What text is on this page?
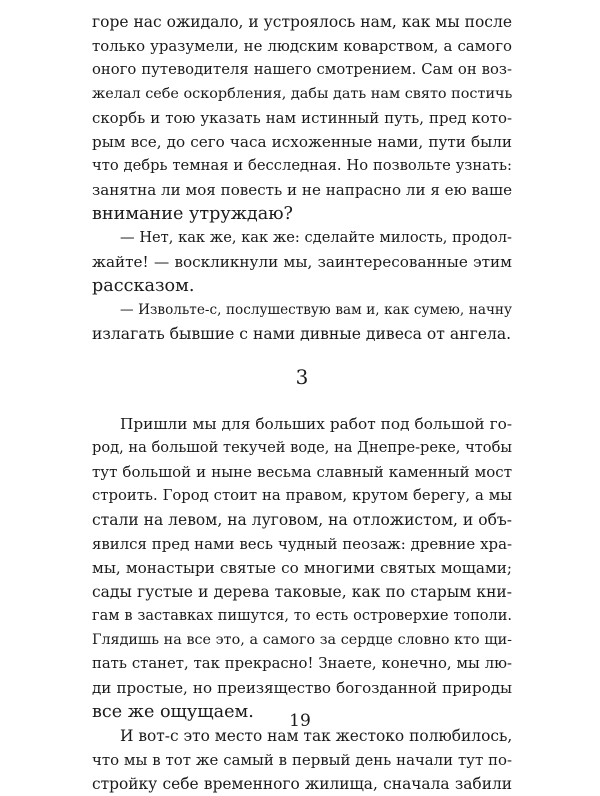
горе нас ожидало, и устроялось нам, как мы после
только уразумели, не людским коварством, а самого
оного путеводителя нашего смотрением. Сам он воз-
желал себе оскорбления, дабы дать нам свято постичь
скорбь и тою указать нам истинный путь, пред кото-
рым все, до сего часа исхоженные нами, пути были
что дебрь темная и бесследная. Но позвольте узнать:
занятна ли моя повесть и не напрасно ли я ею ваше
внимание утруждаю?
— Нет, как же, как же: сделайте милость, продол-
жайте! — воскликнули мы, заинтересованные этим
рассказом.
— Извольте-с, послушествую вам и, как сумею, начну
излагать бывшие с нами дивные дивеса от ангела.
3
Пришли мы для больших работ под большой го-
род, на большой текучей воде, на Днепре-реке, чтобы
тут большой и ныне весьма славный каменный мост
строить. Город стоит на правом, крутом берегу, а мы
стали на левом, на луговом, на отложистом, и объ-
явился пред нами весь чудный пеозаж: древние хра-
мы, монастыри святые со многими святых мощами;
сады густые и дерева таковые, как по старым кни-
гам в заставках пишутся, то есть островерхие тополи.
Глядишь на все это, а самого за сердце словно кто щи-
пать станет, так прекрасно! Знаете, конечно, мы лю-
ди простые, но преизящество богозданной природы
все же ощущаем.
И вот-с это место нам так жестоко полюбилось,
что мы в тот же самый в первый день начали тут по-
стройку себе временного жилища, сначала забили
19
